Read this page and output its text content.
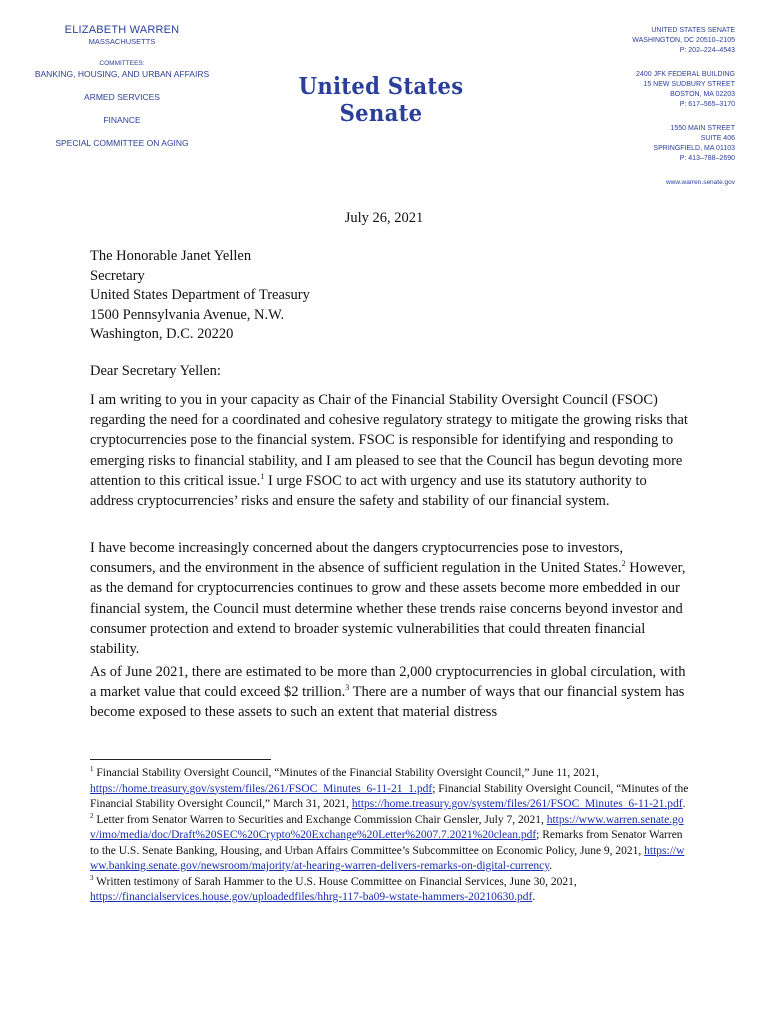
ELIZABETH WARREN
MASSACHUSETTS
COMMITTEES:
BANKING, HOUSING, AND URBAN AFFAIRS
ARMED SERVICES
FINANCE
SPECIAL COMMITTEE ON AGING
United States Senate
UNITED STATES SENATE
WASHINGTON, DC 20510–2105
P: 202–224–4543
2400 JFK FEDERAL BUILDING
15 NEW SUDBURY STREET
BOSTON, MA 02203
P: 617–565–3170
1550 MAIN STREET
SUITE 406
SPRINGFIELD, MA 01103
P: 413–788–2690
www.warren.senate.gov
July 26, 2021
The Honorable Janet Yellen
Secretary
United States Department of Treasury
1500 Pennsylvania Avenue, N.W.
Washington, D.C. 20220
Dear Secretary Yellen:

I am writing to you in your capacity as Chair of the Financial Stability Oversight Council (FSOC) regarding the need for a coordinated and cohesive regulatory strategy to mitigate the growing risks that cryptocurrencies pose to the financial system. FSOC is responsible for identifying and responding to emerging risks to financial stability, and I am pleased to see that the Council has begun devoting more attention to this critical issue.$^1$ I urge FSOC to act with urgency and use its statutory authority to address cryptocurrencies’ risks and ensure the safety and stability of our financial system.

I have become increasingly concerned about the dangers cryptocurrencies pose to investors, consumers, and the environment in the absence of sufficient regulation in the United States.$^2$ However, as the demand for cryptocurrencies continues to grow and these assets become more embedded in our financial system, the Council must determine whether these trends raise concerns beyond investor and consumer protection and extend to broader systemic vulnerabilities that could threaten financial stability.

As of June 2021, there are estimated to be more than 2,000 cryptocurrencies in global circulation, with a market value that could exceed $2 trillion.$^3$ There are a number of ways that our financial system has become exposed to these assets to such an extent that material distress

$^1$ Financial Stability Oversight Council, “Minutes of the Financial Stability Oversight Council,” June 11, 2021, https://home.treasury.gov/system/files/261/FSOC_Minutes_6-11-21_1.pdf; Financial Stability Oversight Council, “Minutes of the Financial Stability Oversight Council,” March 31, 2021, https://home.treasury.gov/system/files/261/FSOC_Minutes_6-11-21.pdf.

$^2$ Letter from Senator Warren to Securities and Exchange Commission Chair Gensler, July 7, 2021, https://www.warren.senate.gov/imo/media/doc/Draft%20SEC%20Crypto%20Exchange%20Letter%2007.7.2021%20clean.pdf; Remarks from Senator Warren to the U.S. Senate Banking, Housing, and Urban Affairs Committee’s Subcommittee on Economic Policy, June 9, 2021, https://www.banking.senate.gov/newsroom/majority/at-hearing-warren-delivers-remarks-on-digital-currency.

$^3$ Written testimony of Sarah Hammer to the U.S. House Committee on Financial Services, June 30, 2021, https://financialservices.house.gov/uploadedfiles/hhrg-117-ba09-wstate-hammers-20210630.pdf.
